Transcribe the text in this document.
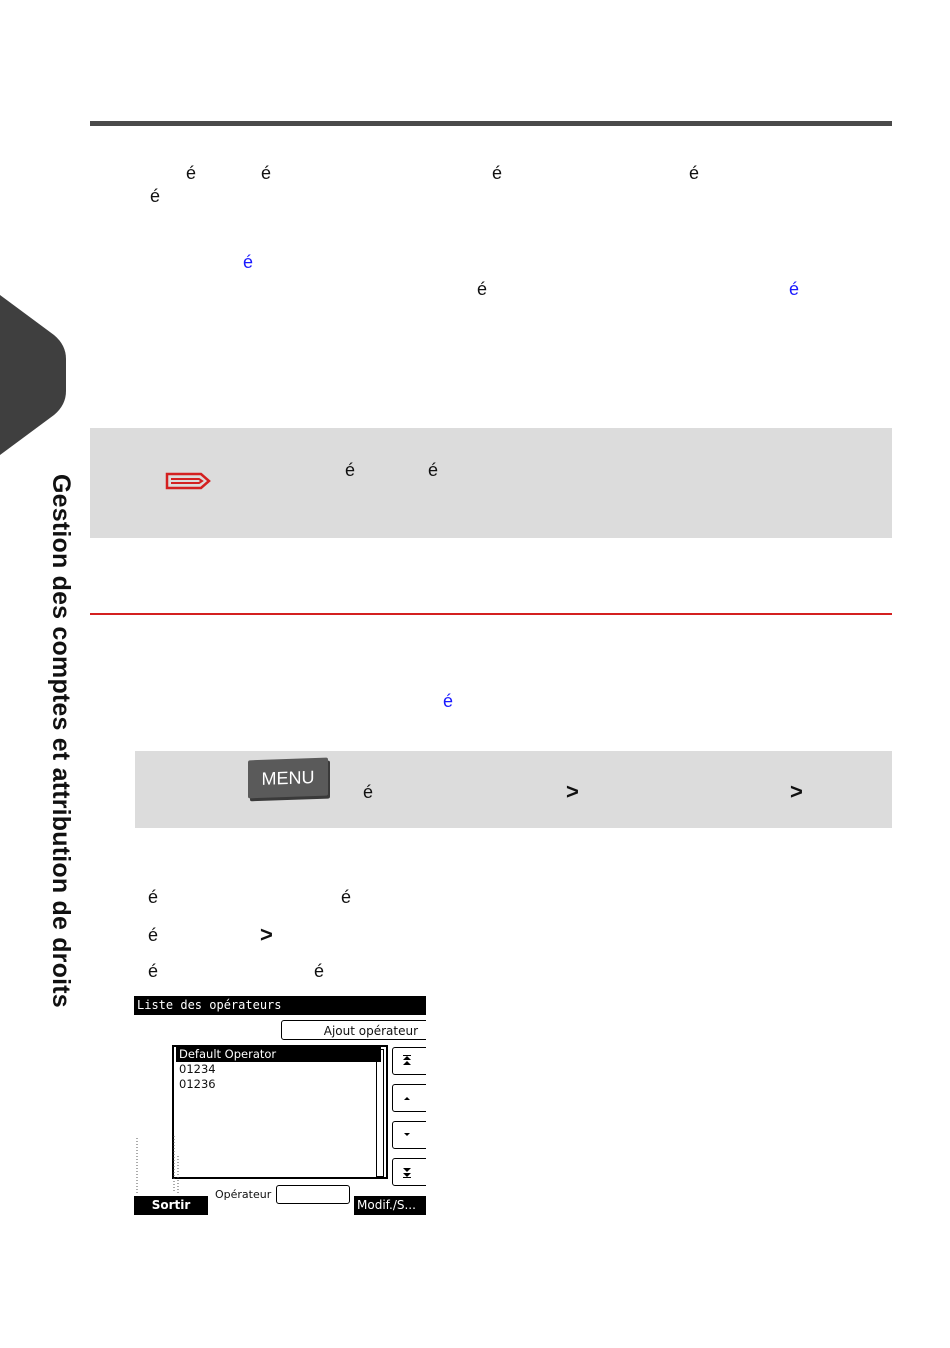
Gestion des comptes et attribution de droits
é	é	é	é
é
é
é	é
é	é
é
MENU
é	>	>
é	é
é	>
é	é
Liste des opérateurs
Ajout opérateur
Default Operator
01234
01236
Sortir
Opérateur
Modif./S...
